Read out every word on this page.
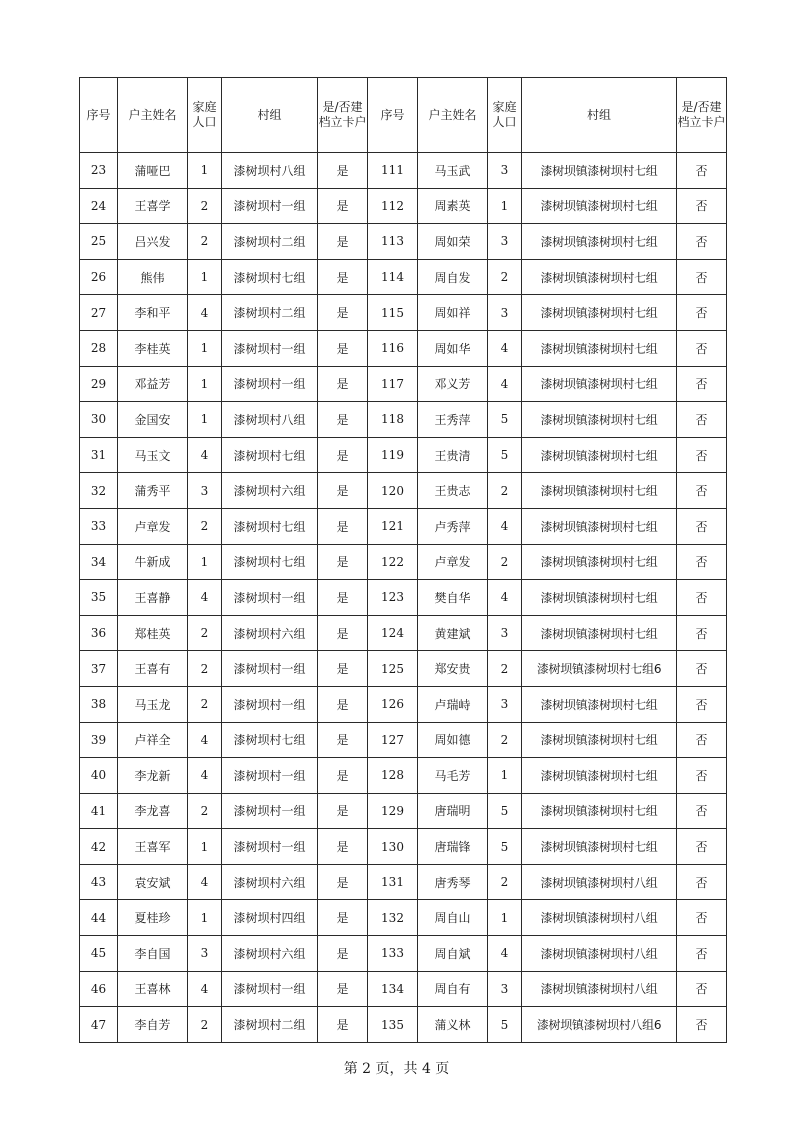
序号	户主姓名	家庭人口	村组	是/否建档立卡户	序号	户主姓名	家庭人口	村组	是/否建档立卡户
23	蒲哑巴	1	漆树坝村八组	是	111	马玉武	3	漆树坝镇漆树坝村七组	否
24	王喜学	2	漆树坝村一组	是	112	周素英	1	漆树坝镇漆树坝村七组	否
25	吕兴发	2	漆树坝村二组	是	113	周如荣	3	漆树坝镇漆树坝村七组	否
26	熊伟	1	漆树坝村七组	是	114	周自发	2	漆树坝镇漆树坝村七组	否
27	李和平	4	漆树坝村二组	是	115	周如祥	3	漆树坝镇漆树坝村七组	否
28	李桂英	1	漆树坝村一组	是	116	周如华	4	漆树坝镇漆树坝村七组	否
29	邓益芳	1	漆树坝村一组	是	117	邓义芳	4	漆树坝镇漆树坝村七组	否
30	金国安	1	漆树坝村八组	是	118	王秀萍	5	漆树坝镇漆树坝村七组	否
31	马玉文	4	漆树坝村七组	是	119	王贵清	5	漆树坝镇漆树坝村七组	否
32	蒲秀平	3	漆树坝村六组	是	120	王贵志	2	漆树坝镇漆树坝村七组	否
33	卢章发	2	漆树坝村七组	是	121	卢秀萍	4	漆树坝镇漆树坝村七组	否
34	牛新成	1	漆树坝村七组	是	122	卢章发	2	漆树坝镇漆树坝村七组	否
35	王喜静	4	漆树坝村一组	是	123	樊自华	4	漆树坝镇漆树坝村七组	否
36	郑桂英	2	漆树坝村六组	是	124	黄建斌	3	漆树坝镇漆树坝村七组	否
37	王喜有	2	漆树坝村一组	是	125	郑安贵	2	漆树坝镇漆树坝村七组6	否
38	马玉龙	2	漆树坝村一组	是	126	卢瑞峙	3	漆树坝镇漆树坝村七组	否
39	卢祥全	4	漆树坝村七组	是	127	周如德	2	漆树坝镇漆树坝村七组	否
40	李龙新	4	漆树坝村一组	是	128	马毛芳	1	漆树坝镇漆树坝村七组	否
41	李龙喜	2	漆树坝村一组	是	129	唐瑞明	5	漆树坝镇漆树坝村七组	否
42	王喜军	1	漆树坝村一组	是	130	唐瑞锋	5	漆树坝镇漆树坝村七组	否
43	袁安斌	4	漆树坝村六组	是	131	唐秀琴	2	漆树坝镇漆树坝村八组	否
44	夏桂珍	1	漆树坝村四组	是	132	周自山	1	漆树坝镇漆树坝村八组	否
45	李自国	3	漆树坝村六组	是	133	周自斌	4	漆树坝镇漆树坝村八组	否
46	王喜林	4	漆树坝村一组	是	134	周自有	3	漆树坝镇漆树坝村八组	否
47	李自芳	2	漆树坝村二组	是	135	蒲义林	5	漆树坝镇漆树坝村八组6	否
第 2 页，共 4 页
